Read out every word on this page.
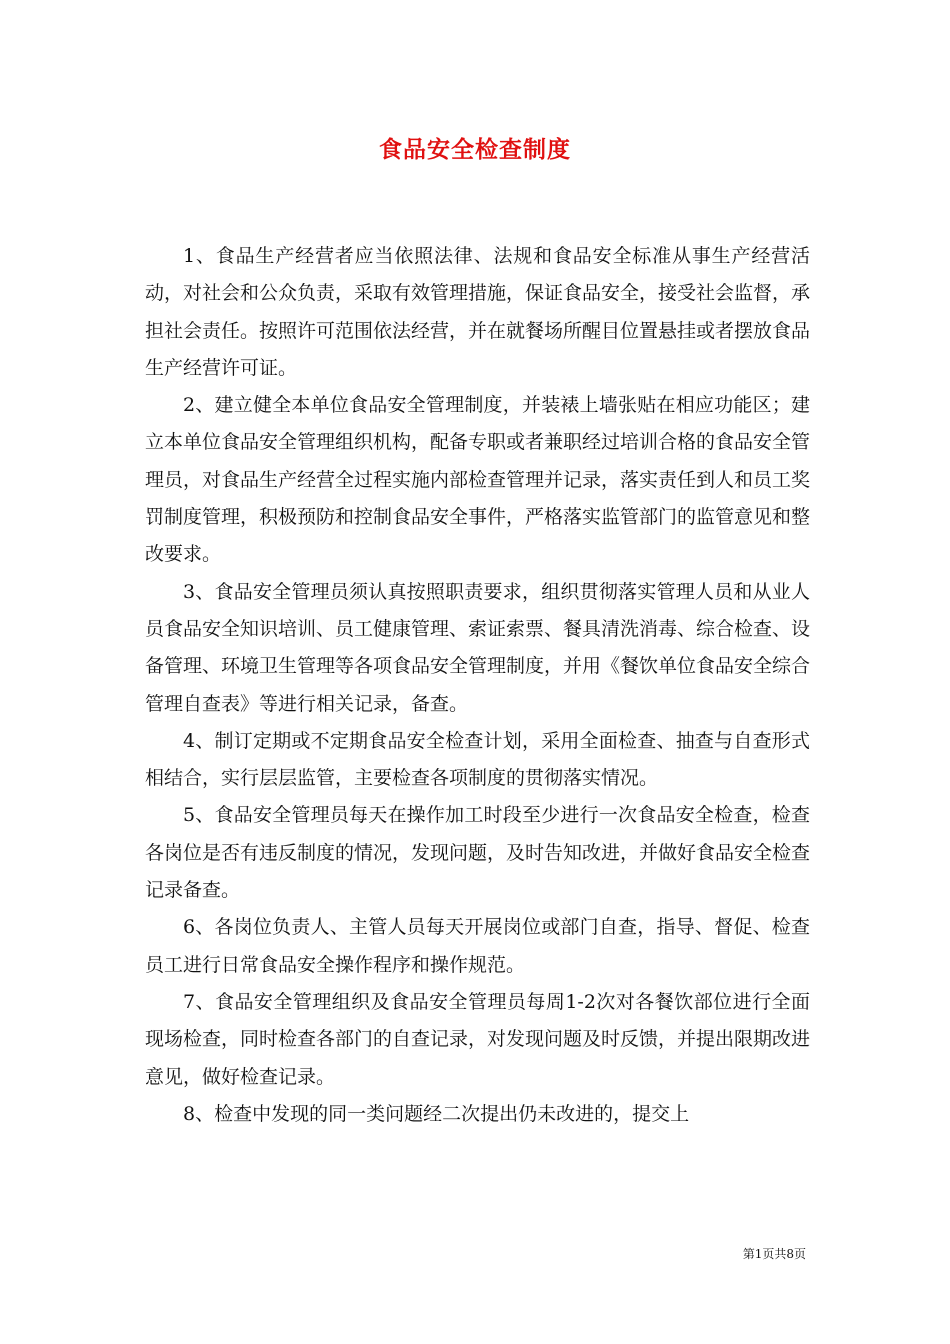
食品安全检查制度

1、食品生产经营者应当依照法律、法规和食品安全标准从事生产经营活动，对社会和公众负责，采取有效管理措施，保证食品安全，接受社会监督，承担社会责任。按照许可范围依法经营，并在就餐场所醒目位置悬挂或者摆放食品生产经营许可证。

2、建立健全本单位食品安全管理制度，并装裱上墙张贴在相应功能区；建立本单位食品安全管理组织机构，配备专职或者兼职经过培训合格的食品安全管理员，对食品生产经营全过程实施内部检查管理并记录，落实责任到人和员工奖罚制度管理，积极预防和控制食品安全事件，严格落实监管部门的监管意见和整改要求。

3、食品安全管理员须认真按照职责要求，组织贯彻落实管理人员和从业人员食品安全知识培训、员工健康管理、索证索票、餐具清洗消毒、综合检查、设备管理、环境卫生管理等各项食品安全管理制度，并用《餐饮单位食品安全综合管理自查表》等进行相关记录，备查。

4、制订定期或不定期食品安全检查计划，采用全面检查、抽查与自查形式相结合，实行层层监管，主要检查各项制度的贯彻落实情况。

5、食品安全管理员每天在操作加工时段至少进行一次食品安全检查，检查各岗位是否有违反制度的情况，发现问题，及时告知改进，并做好食品安全检查记录备查。

6、各岗位负责人、主管人员每天开展岗位或部门自查，指导、督促、检查员工进行日常食品安全操作程序和操作规范。

7、食品安全管理组织及食品安全管理员每周1-2次对各餐饮部位进行全面现场检查，同时检查各部门的自查记录，对发现问题及时反馈，并提出限期改进意见，做好检查记录。

8、检查中发现的同一类问题经二次提出仍未改进的，提交上

第1页共8页
